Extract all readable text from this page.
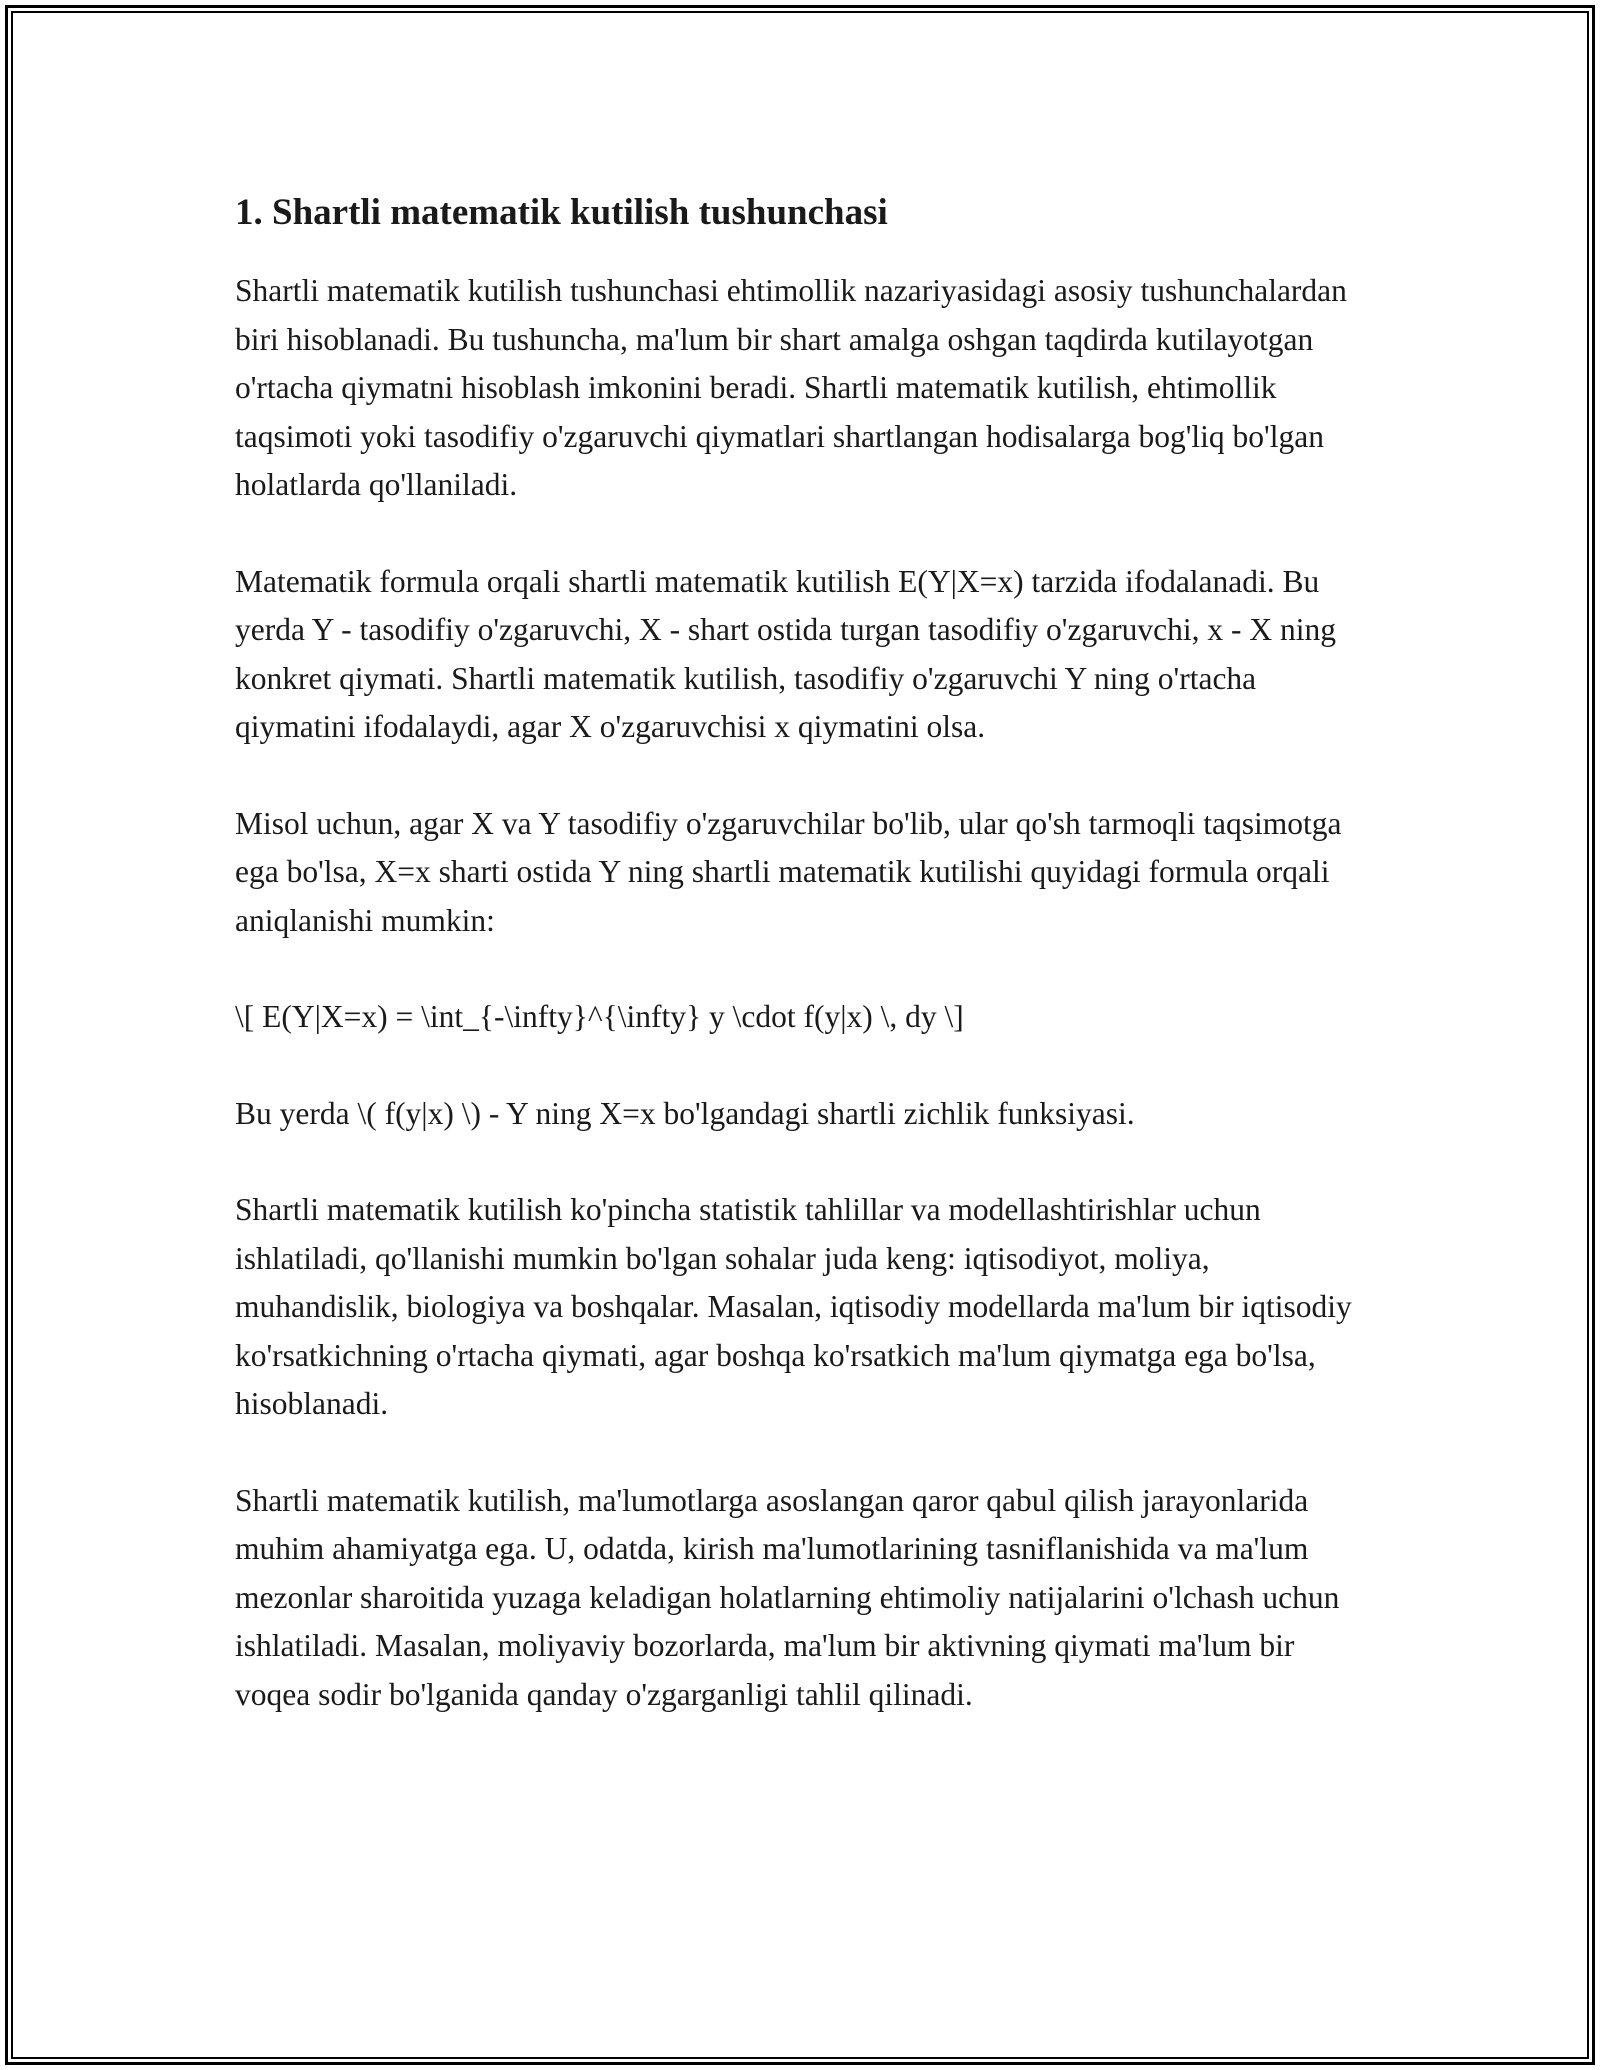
1. Shartli matematik kutilish tushunchasi

Shartli matematik kutilish tushunchasi ehtimollik nazariyasidagi asosiy tushunchalardan biri hisoblanadi. Bu tushuncha, ma'lum bir shart amalga oshgan taqdirda kutilayotgan o'rtacha qiymatni hisoblash imkonini beradi. Shartli matematik kutilish, ehtimollik taqsimoti yoki tasodifiy o'zgaruvchi qiymatlari shartlangan hodisalarga bog'liq bo'lgan holatlarda qo'llaniladi.

Matematik formula orqali shartli matematik kutilish E(Y|X=x) tarzida ifodalanadi. Bu yerda Y - tasodifiy o'zgaruvchi, X - shart ostida turgan tasodifiy o'zgaruvchi, x - X ning konkret qiymati. Shartli matematik kutilish, tasodifiy o'zgaruvchi Y ning o'rtacha qiymatini ifodalaydi, agar X o'zgaruvchisi x qiymatini olsa.

Misol uchun, agar X va Y tasodifiy o'zgaruvchilar bo'lib, ular qo'sh tarmoqli taqsimotga ega bo'lsa, X=x sharti ostida Y ning shartli matematik kutilishi quyidagi formula orqali aniqlanishi mumkin:

\[ E(Y|X=x) = \int_{-\infty}^{\infty} y \cdot f(y|x) \, dy \]

Bu yerda \( f(y|x) \) - Y ning X=x bo'lgandagi shartli zichlik funksiyasi.

Shartli matematik kutilish ko'pincha statistik tahlillar va modellashtirishlar uchun ishlatiladi, qo'llanishi mumkin bo'lgan sohalar juda keng: iqtisodiyot, moliya, muhandislik, biologiya va boshqalar. Masalan, iqtisodiy modellarda ma'lum bir iqtisodiy ko'rsatkichning o'rtacha qiymati, agar boshqa ko'rsatkich ma'lum qiymatga ega bo'lsa, hisoblanadi.

Shartli matematik kutilish, ma'lumotlarga asoslangan qaror qabul qilish jarayonlarida muhim ahamiyatga ega. U, odatda, kirish ma'lumotlarining tasniflanishida va ma'lum mezonlar sharoitida yuzaga keladigan holatlarning ehtimoliy natijalarini o'lchash uchun ishlatiladi. Masalan, moliyaviy bozorlarda, ma'lum bir aktivning qiymati ma'lum bir voqea sodir bo'lganida qanday o'zgarganligi tahlil qilinadi.
